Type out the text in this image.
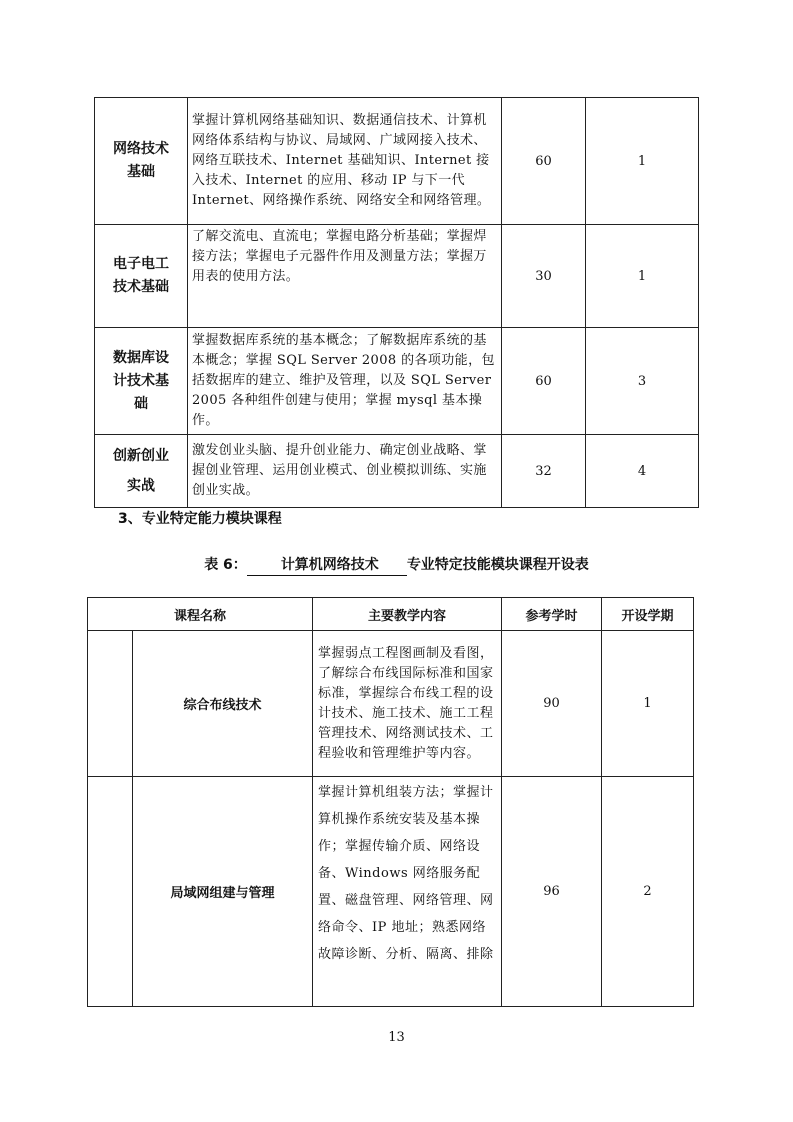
网络技术
基础	掌握计算机网络基础知识、数据通信技术、计算机网络体系结构与协议、局域网、广域网接入技术、网络互联技术、Internet 基础知识、Internet 接入技术、Internet 的应用、移动 IP 与下一代 Internet、网络操作系统、网络安全和网络管理。	60	1

电子电工
技术基础	了解交流电、直流电；掌握电路分析基础；掌握焊接方法；掌握电子元器件作用及测量方法；掌握万用表的使用方法。	30	1

数据库设
计技术基
础	掌握数据库系统的基本概念；了解数据库系统的基本概念；掌握 SQL Server 2008 的各项功能，包括数据库的建立、维护及管理，以及 SQL Server 2005 各种组件创建与使用；掌握 mysql 基本操作。	60	3

创新创业
实战	激发创业头脑、提升创业能力、确定创业战略、掌握创业管理、运用创业模式、创业模拟训练、实施创业实战。	32	4
3、专业特定能力模块课程
表 6： 计算机网络技术 专业特定技能模块课程开设表
课程名称		主要教学内容	参考学时	开设学期
	综合布线技术	掌握弱点工程图画制及看图，了解综合布线国际标准和国家标准，掌握综合布线工程的设计技术、施工技术、施工工程管理技术、网络测试技术、工程验收和管理维护等内容。	90	1
	局域网组建与管理	掌握计算机组装方法；掌握计算机操作系统安装及基本操作；掌握传输介质、网络设备、Windows 网络服务配置、磁盘管理、网络管理、网络命令、IP 地址；熟悉网络故障诊断、分析、隔离、排除	96	2
13
